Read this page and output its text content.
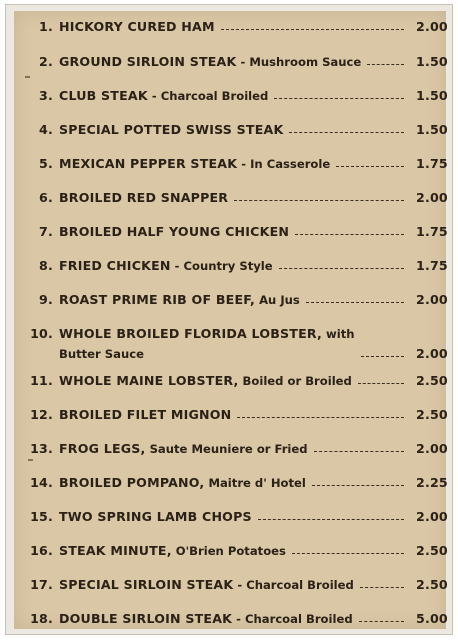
1. HICKORY CURED HAM	2.00
2. GROUND SIRLOIN STEAK - Mushroom Sauce	1.50
3. CLUB STEAK - Charcoal Broiled	1.50
4. SPECIAL POTTED SWISS STEAK	1.50
5. MEXICAN PEPPER STEAK - In Casserole	1.75
6. BROILED RED SNAPPER	2.00
7. BROILED HALF YOUNG CHICKEN	1.75
8. FRIED CHICKEN - Country Style	1.75
9. ROAST PRIME RIB OF BEEF, Au Jus	2.00
10. WHOLE BROILED FLORIDA LOBSTER, with
Butter Sauce	2.00
11. WHOLE MAINE LOBSTER, Boiled or Broiled	2.50
12. BROILED FILET MIGNON	2.50
13. FROG LEGS, Saute Meuniere or Fried	2.00
14. BROILED POMPANO, Maitre d' Hotel	2.25
15. TWO SPRING LAMB CHOPS	2.00
16. STEAK MINUTE, O'Brien Potatoes	2.50
17. SPECIAL SIRLOIN STEAK - Charcoal Broiled	2.50
18. DOUBLE SIRLOIN STEAK - Charcoal Broiled	5.00
